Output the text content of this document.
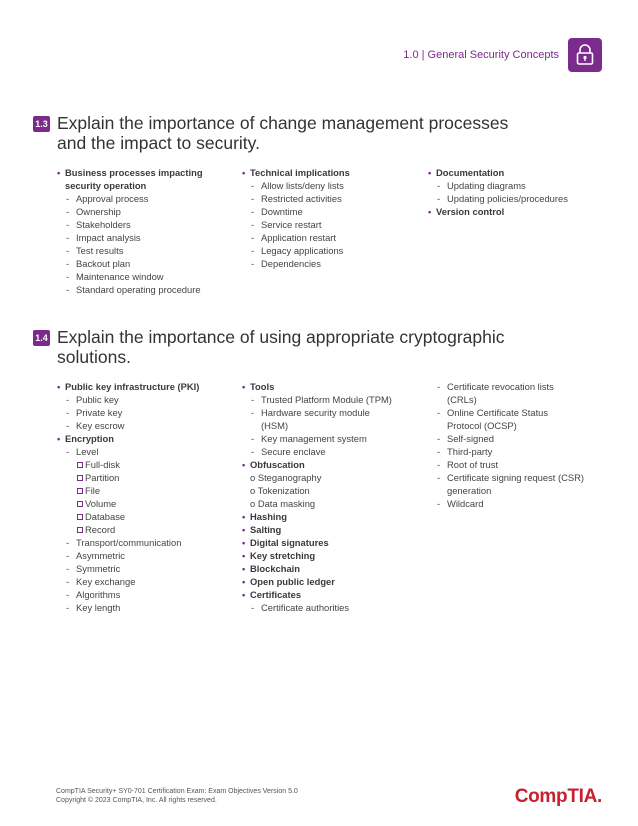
1.0 | General Security Concepts
1.3 Explain the importance of change management processes
and the impact to security.
• Business processes impacting
security operation
- Approval process
- Ownership
- Stakeholders
- Impact analysis
- Test results
- Backout plan
- Maintenance window
- Standard operating procedure
• Technical implications
- Allow lists/deny lists
- Restricted activities
- Downtime
- Service restart
- Application restart
- Legacy applications
- Dependencies
• Documentation
- Updating diagrams
- Updating policies/procedures
• Version control
1.4 Explain the importance of using appropriate cryptographic
solutions.
• Public key infrastructure (PKI)
- Public key
- Private key
- Key escrow
• Encryption
- Level
Full-disk
Partition
File
Volume
Database
Record
- Transport/communication
- Asymmetric
- Symmetric
- Key exchange
- Algorithms
- Key length
• Tools
- Trusted Platform Module (TPM)
- Hardware security module
(HSM)
- Key management system
- Secure enclave
• Obfuscation
o Steganography
o Tokenization
o Data masking
• Hashing
• Salting
• Digital signatures
• Key stretching
• Blockchain
• Open public ledger
• Certificates
- Certificate authorities
- Certificate revocation lists
(CRLs)
- Online Certificate Status
Protocol (OCSP)
- Self-signed
- Third-party
- Root of trust
- Certificate signing request (CSR)
generation
- Wildcard
CompTIA Security+ SY0-701 Certification Exam: Exam Objectives Version 5.0
Copyright © 2023 CompTIA, Inc. All rights reserved.	CompTIA.
